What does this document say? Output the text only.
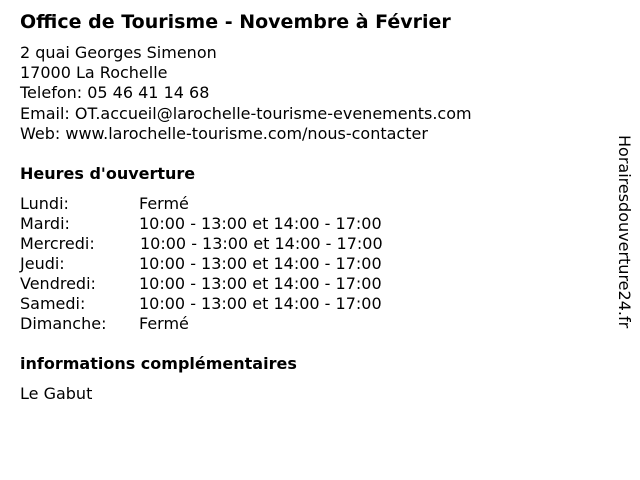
Office de Tourisme - Novembre à Février
2 quai Georges Simenon
17000 La Rochelle
Telefon: 05 46 41 14 68
Email: OT.accueil@larochelle-tourisme-evenements.com
Web: www.larochelle-tourisme.com/nous-contacter
Heures d'ouverture
Lundi:	Fermé
Mardi:	10:00 - 13:00 et 14:00 - 17:00
Mercredi:	10:00 - 13:00 et 14:00 - 17:00
Jeudi:	10:00 - 13:00 et 14:00 - 17:00
Vendredi:	10:00 - 13:00 et 14:00 - 17:00
Samedi:	10:00 - 13:00 et 14:00 - 17:00
Dimanche: Fermé
informations complémentaires
Le Gabut
Horairesdouverture24.fr
